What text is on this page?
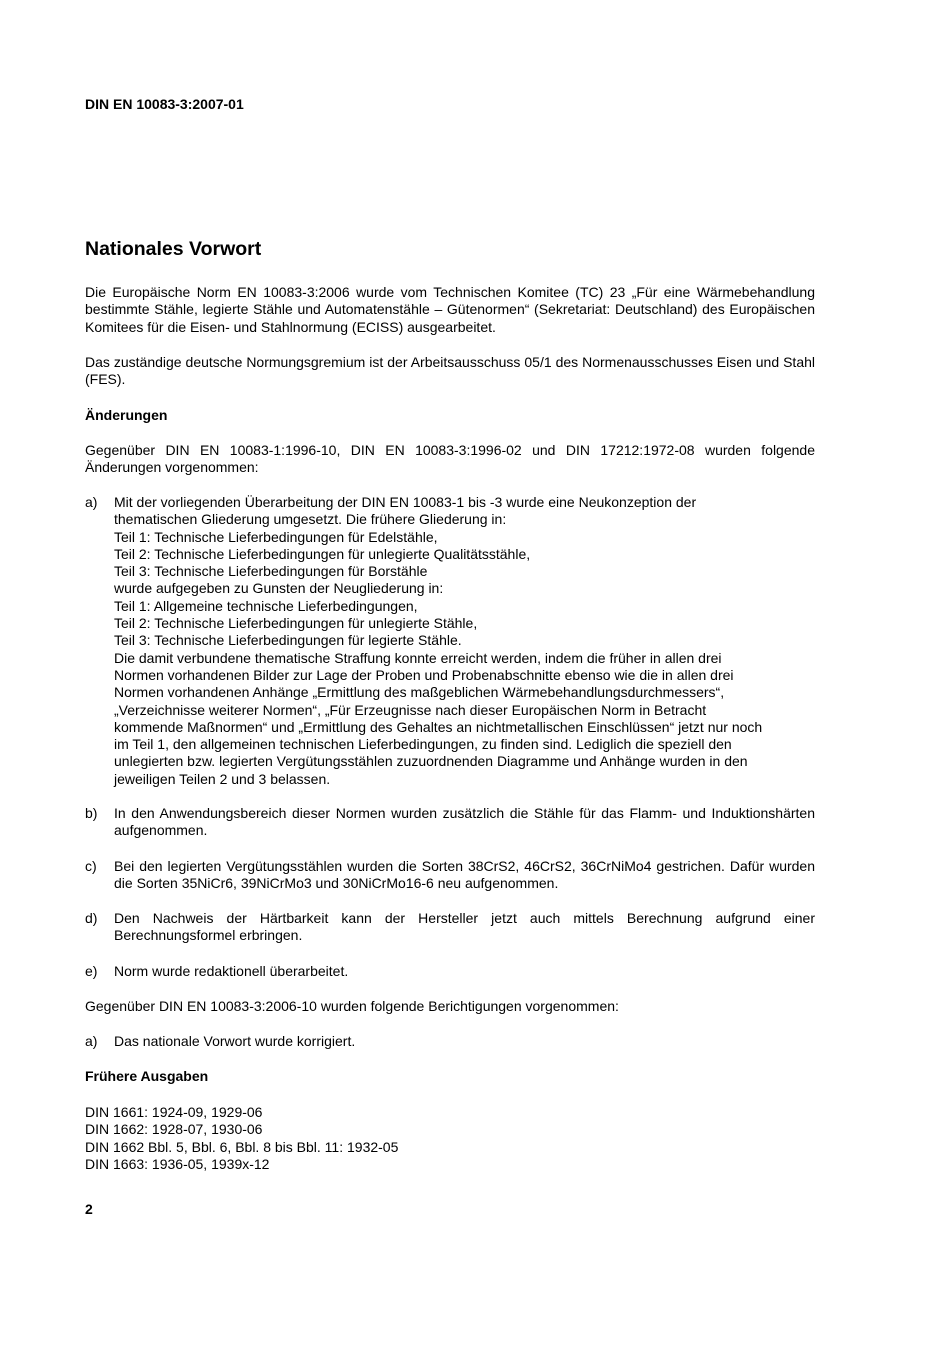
DIN EN 10083-3:2007-01
Nationales Vorwort

Die Europäische Norm EN 10083-3:2006 wurde vom Technischen Komitee (TC) 23 „Für eine Wärmebehandlung bestimmte Stähle, legierte Stähle und Automatenstähle – Gütenormen“ (Sekretariat: Deutschland) des Europäischen Komitees für die Eisen- und Stahlnormung (ECISS) ausgearbeitet.

Das zuständige deutsche Normungsgremium ist der Arbeitsausschuss 05/1 des Normenausschusses Eisen und Stahl (FES).

Änderungen

Gegenüber DIN EN 10083-1:1996-10, DIN EN 10083-3:1996-02 und DIN 17212:1972-08 wurden folgende Änderungen vorgenommen:

a)	Mit der vorliegenden Überarbeitung der DIN EN 10083-1 bis -3 wurde eine Neukonzeption der
thematischen Gliederung umgesetzt. Die frühere Gliederung in:
Teil 1: Technische Lieferbedingungen für Edelstähle,
Teil 2: Technische Lieferbedingungen für unlegierte Qualitätsstähle,
Teil 3: Technische Lieferbedingungen für Borstähle
wurde aufgegeben zu Gunsten der Neugliederung in:
Teil 1: Allgemeine technische Lieferbedingungen,
Teil 2: Technische Lieferbedingungen für unlegierte Stähle,
Teil 3: Technische Lieferbedingungen für legierte Stähle.
Die damit verbundene thematische Straffung konnte erreicht werden, indem die früher in allen drei
Normen vorhandenen Bilder zur Lage der Proben und Probenabschnitte ebenso wie die in allen drei
Normen vorhandenen Anhänge „Ermittlung des maßgeblichen Wärmebehandlungsdurchmessers“,
„Verzeichnisse weiterer Normen“, „Für Erzeugnisse nach dieser Europäischen Norm in Betracht
kommende Maßnormen“ und „Ermittlung des Gehaltes an nichtmetallischen Einschlüssen“ jetzt nur noch
im Teil 1, den allgemeinen technischen Lieferbedingungen, zu finden sind. Lediglich die speziell den
unlegierten bzw. legierten Vergütungsstählen zuzuordnenden Diagramme und Anhänge wurden in den
jeweiligen Teilen 2 und 3 belassen.
b)	In den Anwendungsbereich dieser Normen wurden zusätzlich die Stähle für das Flamm- und Induktionshärten aufgenommen.
c)	Bei den legierten Vergütungsstählen wurden die Sorten 38CrS2, 46CrS2, 36CrNiMo4 gestrichen. Dafür wurden die Sorten 35NiCr6, 39NiCrMo3 und 30NiCrMo16-6 neu aufgenommen.
d)	Den Nachweis der Härtbarkeit kann der Hersteller jetzt auch mittels Berechnung aufgrund einer Berechnungsformel erbringen.
e)	Norm wurde redaktionell überarbeitet.

Gegenüber DIN EN 10083-3:2006-10 wurden folgende Berichtigungen vorgenommen:

a)	Das nationale Vorwort wurde korrigiert.

Frühere Ausgaben

DIN 1661: 1924-09, 1929-06
DIN 1662: 1928-07, 1930-06
DIN 1662 Bbl. 5, Bbl. 6, Bbl. 8 bis Bbl. 11: 1932-05
DIN 1663: 1936-05, 1939x-12
2
